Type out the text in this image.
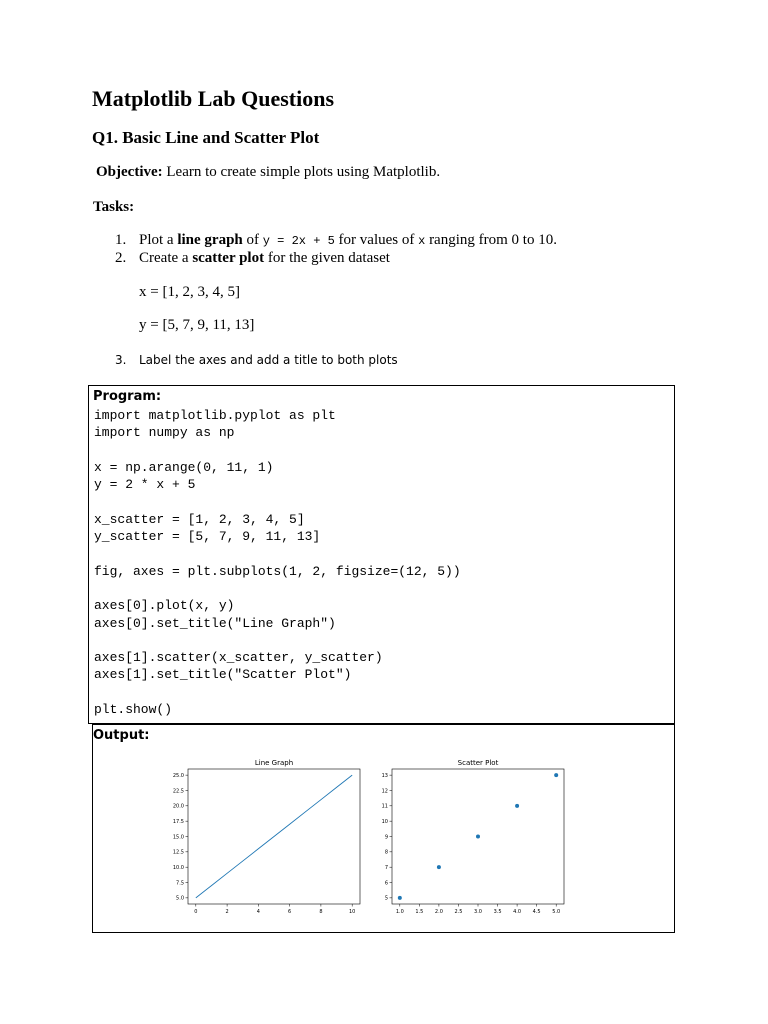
Matplotlib Lab Questions
Q1. Basic Line and Scatter Plot
Objective: Learn to create simple plots using Matplotlib.
Tasks:
1. Plot a line graph of y = 2x + 5 for values of x ranging from 0 to 10.
2. Create a scatter plot for the given dataset
x = [1, 2, 3, 4, 5]
y = [5, 7, 9, 11, 13]
3. Label the axes and add a title to both plots
Program:
import matplotlib.pyplot as plt
import numpy as np

x = np.arange(0, 11, 1)
y = 2 * x + 5

x_scatter = [1, 2, 3, 4, 5]
y_scatter = [5, 7, 9, 11, 13]

fig, axes = plt.subplots(1, 2, figsize=(12, 5))

axes[0].plot(x, y)
axes[0].set_title("Line Graph")

axes[1].scatter(x_scatter, y_scatter)
axes[1].set_title("Scatter Plot")

plt.show()
Output:
Line Graph
0	2	4	6	8	10
5.0
7.5
10.0
12.5
15.0
17.5
20.0
22.5
25.0
Scatter Plot
1.0 1.5 2.0 2.5 3.0 3.5 4.0 4.5 5.0
5
6
7
8
9
10
11
12
13
